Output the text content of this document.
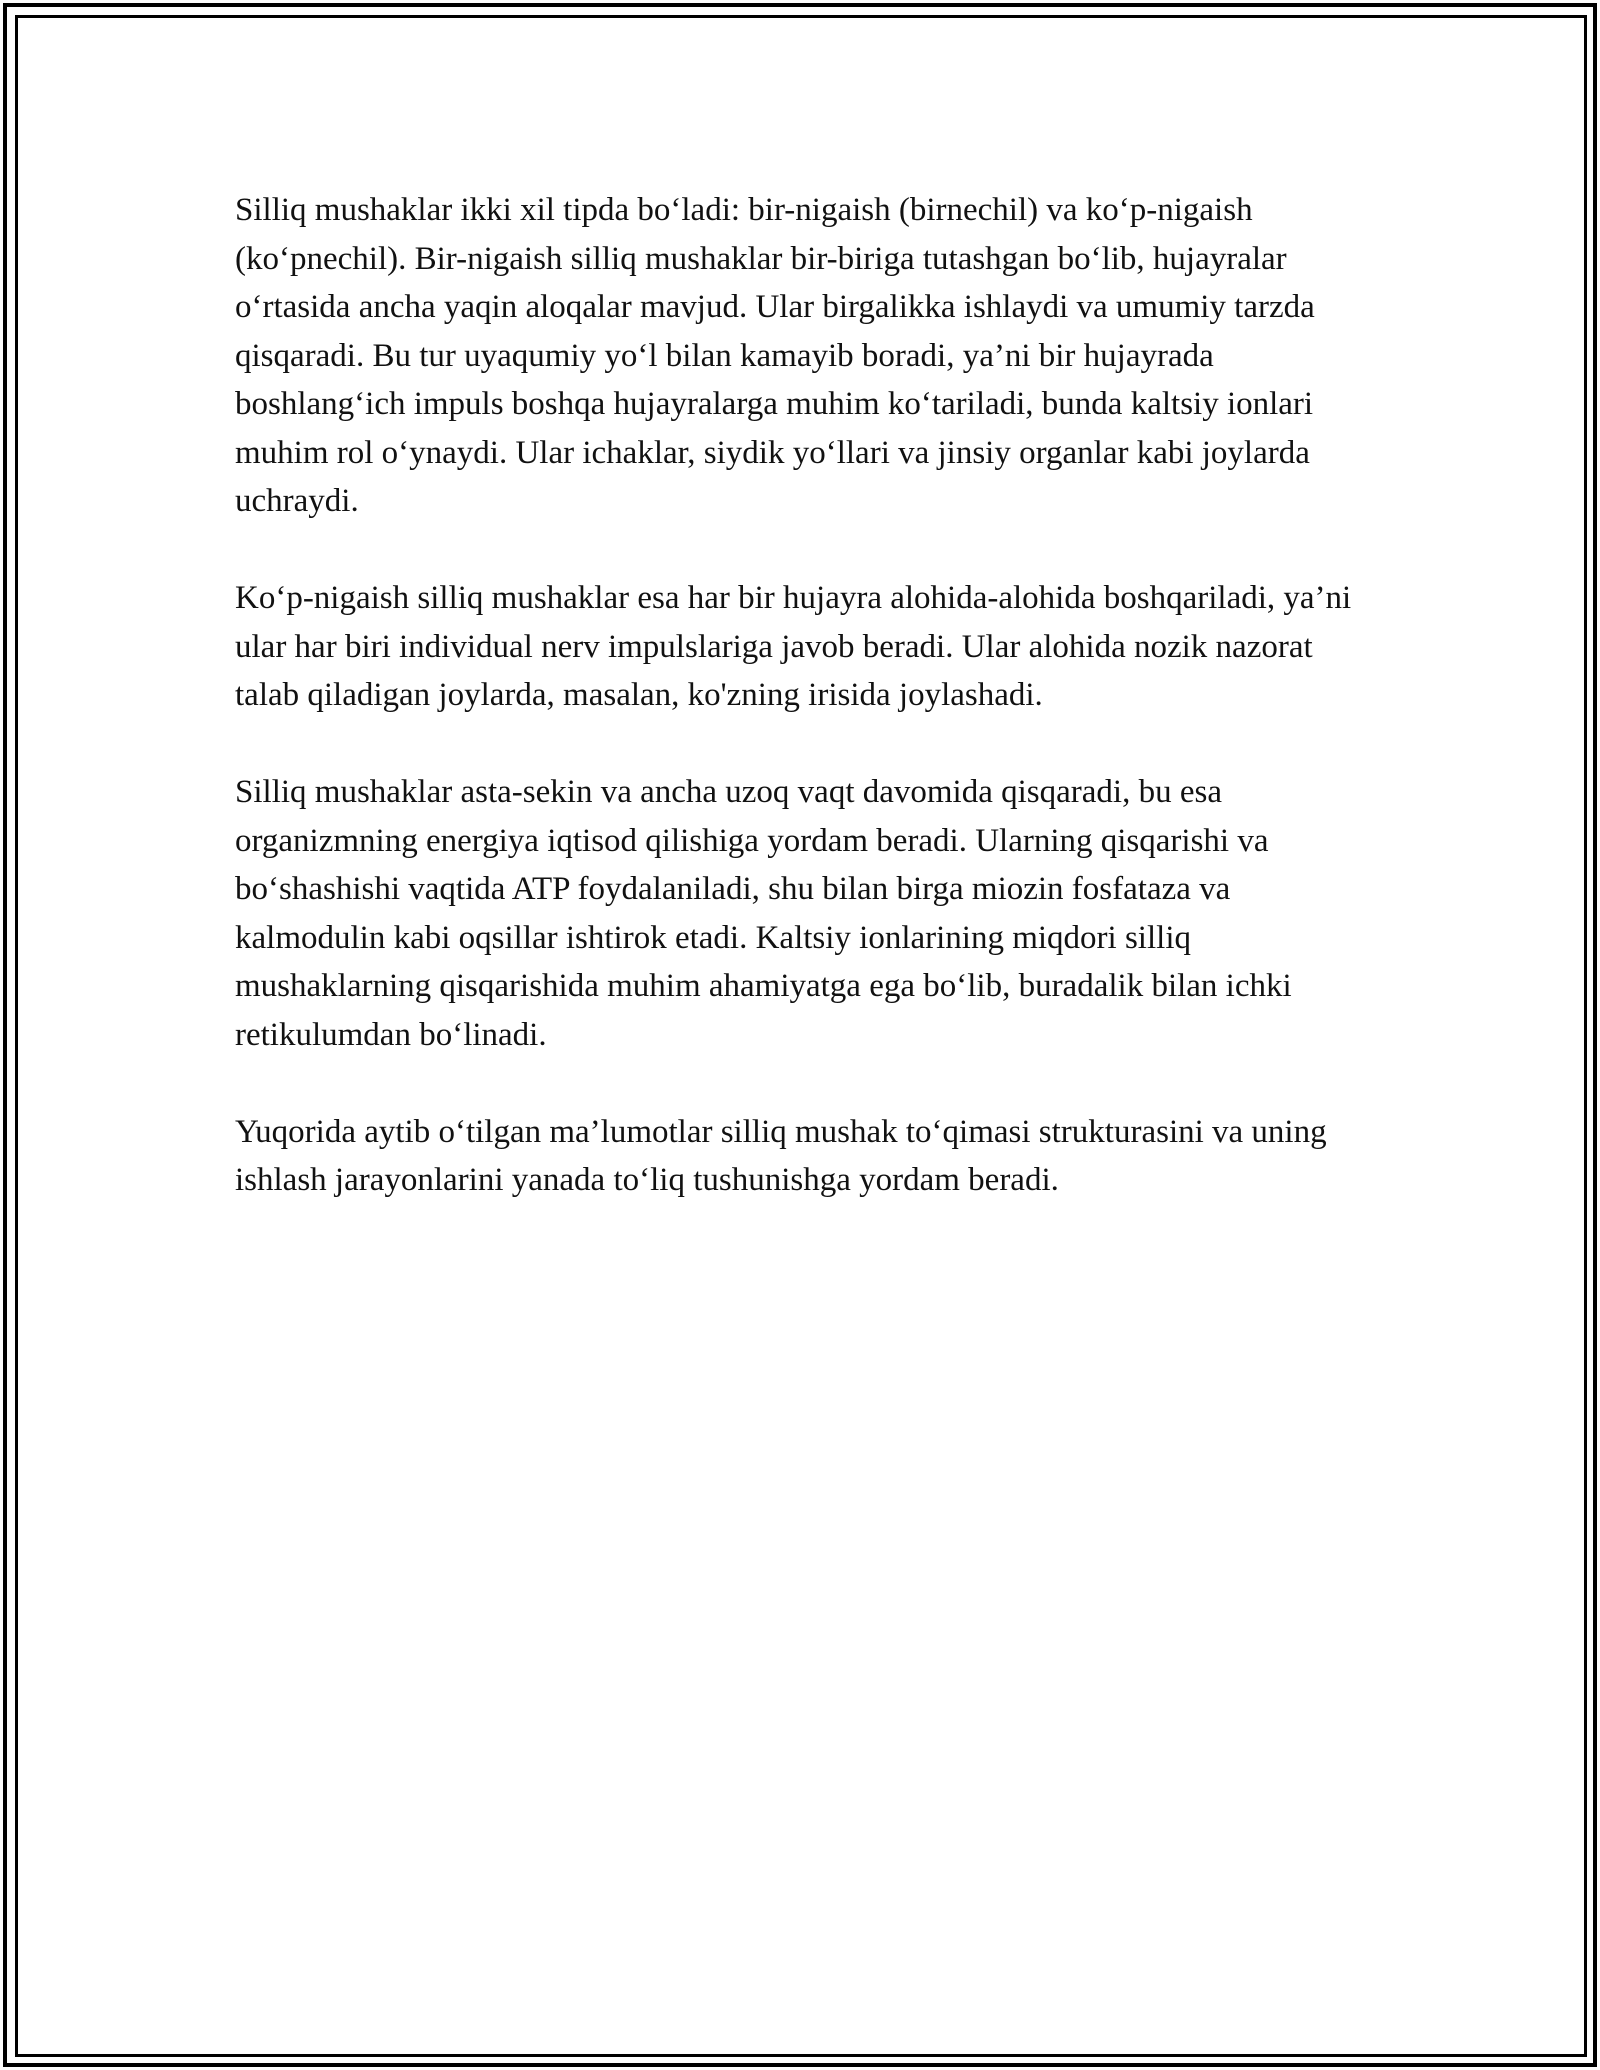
Silliq mushaklar ikki xil tipda bo‘ladi: bir-nigaish (birnechil) va ko‘p-nigaish (ko‘pnechil). Bir-nigaish silliq mushaklar bir-biriga tutashgan bo‘lib, hujayralar o‘rtasida ancha yaqin aloqalar mavjud. Ular birgalikka ishlaydi va umumiy tarzda qisqaradi. Bu tur uyaqumiy yo‘l bilan kamayib boradi, ya’ni bir hujayrada boshlang‘ich impuls boshqa hujayralarga muhim ko‘tariladi, bunda kaltsiy ionlari muhim rol o‘ynaydi. Ular ichaklar, siydik yo‘llari va jinsiy organlar kabi joylarda uchraydi.

Ko‘p-nigaish silliq mushaklar esa har bir hujayra alohida-alohida boshqariladi, ya’ni ular har biri individual nerv impulslariga javob beradi. Ular alohida nozik nazorat talab qiladigan joylarda, masalan, ko'zning irisida joylashadi.

Silliq mushaklar asta-sekin va ancha uzoq vaqt davomida qisqaradi, bu esa organizmning energiya iqtisod qilishiga yordam beradi. Ularning qisqarishi va bo‘shashishi vaqtida ATP foydalaniladi, shu bilan birga miozin fosfataza va kalmodulin kabi oqsillar ishtirok etadi. Kaltsiy ionlarining miqdori silliq mushaklarning qisqarishida muhim ahamiyatga ega bo‘lib, buradalik bilan ichki retikulumdan bo‘linadi.

Yuqorida aytib o‘tilgan ma’lumotlar silliq mushak to‘qimasi strukturasini va uning ishlash jarayonlarini yanada to‘liq tushunishga yordam beradi.
